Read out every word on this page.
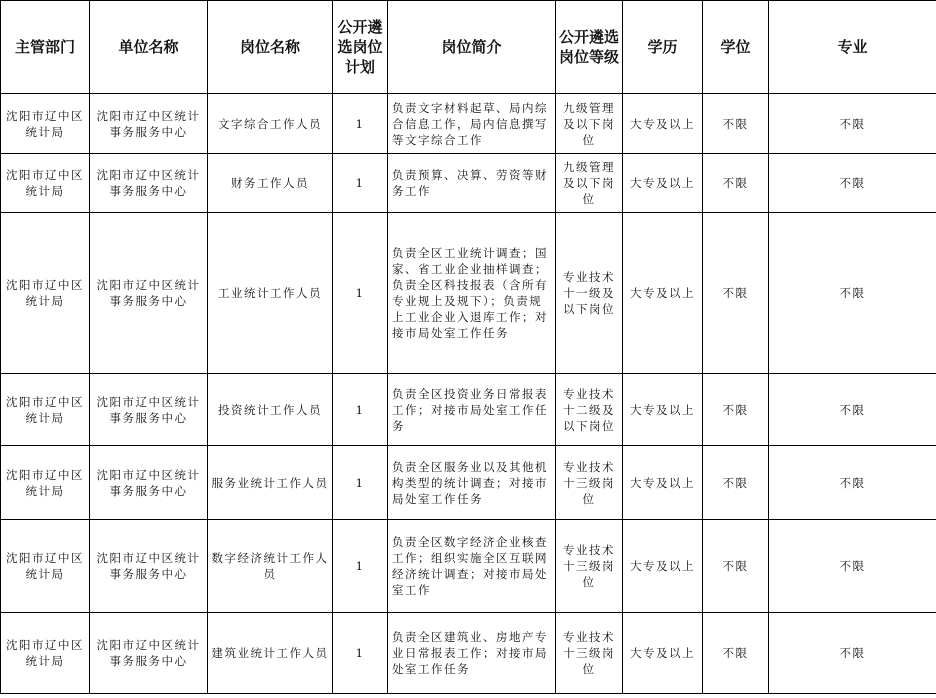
主管部门	单位名称	岗位名称	公开遴选岗位计划	岗位简介	公开遴选岗位等级	学历	学位	专业
沈阳市辽中区统计局	沈阳市辽中区统计事务服务中心	文字综合工作人员	1	负责文字材料起草、局内综合信息工作，局内信息撰写等文字综合工作	九级管理及以下岗位	大专及以上	不限	不限
沈阳市辽中区统计局	沈阳市辽中区统计事务服务中心	财务工作人员	1	负责预算、决算、劳资等财务工作	九级管理及以下岗位	大专及以上	不限	不限
沈阳市辽中区统计局	沈阳市辽中区统计事务服务中心	工业统计工作人员	1	负责全区工业统计调查；国家、省工业企业抽样调查；负责全区科技报表（含所有专业规上及规下）；负责规上工业企业入退库工作；对接市局处室工作任务	专业技术十一级及以下岗位	大专及以上	不限	不限
沈阳市辽中区统计局	沈阳市辽中区统计事务服务中心	投资统计工作人员	1	负责全区投资业务日常报表工作；对接市局处室工作任务	专业技术十二级及以下岗位	大专及以上	不限	不限
沈阳市辽中区统计局	沈阳市辽中区统计事务服务中心	服务业统计工作人员	1	负责全区服务业以及其他机构类型的统计调查；对接市局处室工作任务	专业技术十三级岗位	大专及以上	不限	不限
沈阳市辽中区统计局	沈阳市辽中区统计事务服务中心	数字经济统计工作人员	1	负责全区数字经济企业核查工作；组织实施全区互联网经济统计调查；对接市局处室工作	专业技术十三级岗位	大专及以上	不限	不限
沈阳市辽中区统计局	沈阳市辽中区统计事务服务中心	建筑业统计工作人员	1	负责全区建筑业、房地产专业日常报表工作；对接市局处室工作任务	专业技术十三级岗位	大专及以上	不限	不限
